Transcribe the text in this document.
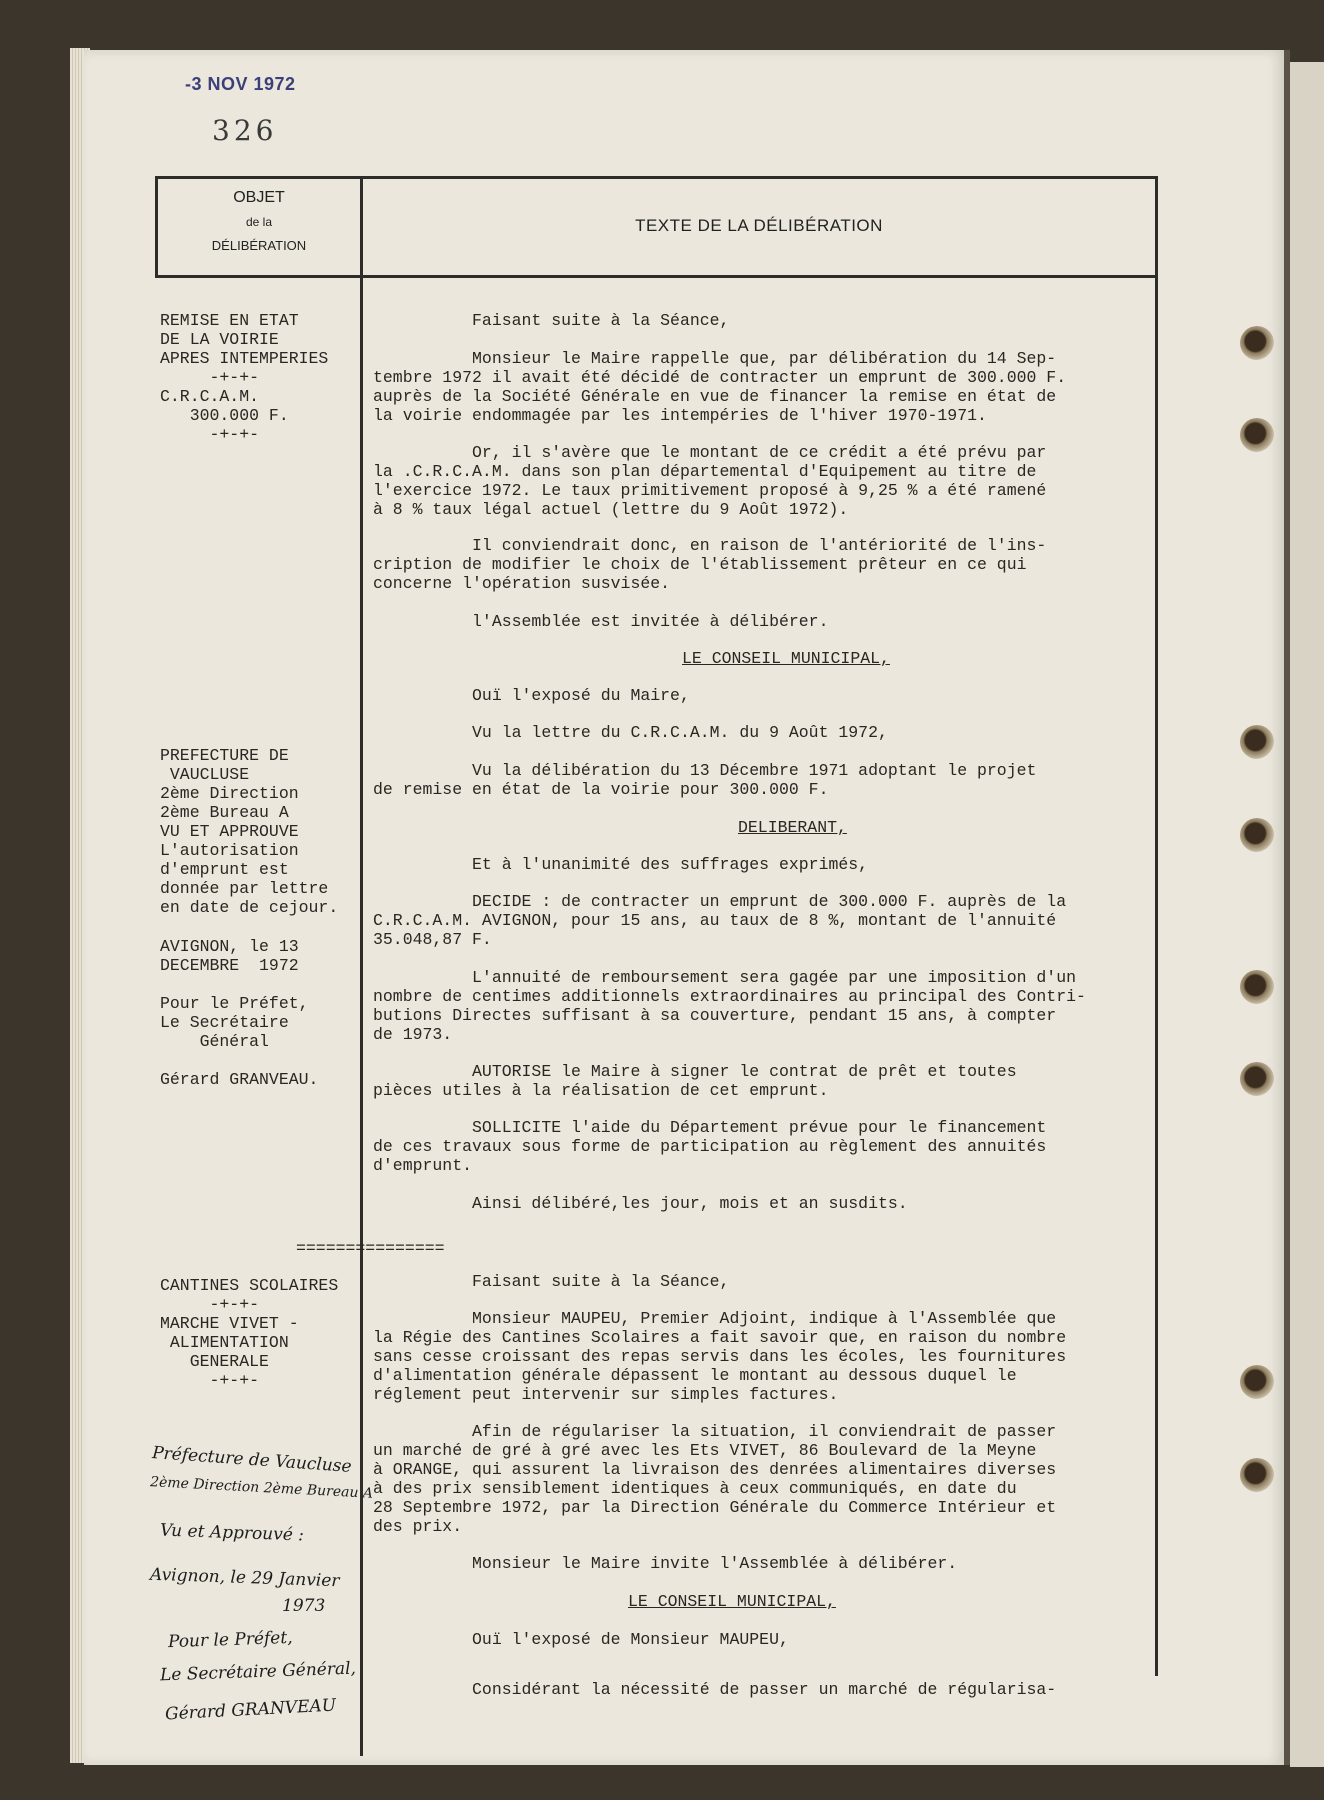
-3 NOV 1972
326
OBJET
de la
DÉLIBÉRATION
TEXTE DE LA DÉLIBÉRATION
REMISE EN ETAT
DE LA VOIRIE
APRES INTEMPERIES
-+-+-
C.R.C.A.M.
300.000 F.
-+-+-
PREFECTURE DE
VAUCLUSE
2ème Direction
2ème Bureau A
VU ET APPROUVE
L'autorisation
d'emprunt est
donnée par lettre
en date de cejour.
AVIGNON, le 13
DECEMBRE  1972
Pour le Préfet,
Le Secrétaire
Général
Gérard GRANVEAU.
===============
CANTINES SCOLAIRES
-+-+-
MARCHE VIVET -
ALIMENTATION
GENERALE
-+-+-
Préfecture de Vaucluse
2ème Direction 2ème Bureau A
Vu et Approuvé :
Avignon, le 29 Janvier
1973
Pour le Préfet,
Le Secrétaire Général,
Gérard GRANVEAU
Faisant suite à la Séance,
Monsieur le Maire rappelle que, par délibération du 14 Sep-
tembre 1972 il avait été décidé de contracter un emprunt de 300.000 F.
auprès de la Société Générale en vue de financer la remise en état de
la voirie endommagée par les intempéries de l'hiver 1970-1971.
Or, il s'avère que le montant de ce crédit a été prévu par
la .C.R.C.A.M. dans son plan départemental d'Equipement au titre de
l'exercice 1972. Le taux primitivement proposé à 9,25 % a été ramené
à 8 % taux légal actuel (lettre du 9 Août 1972).
Il conviendrait donc, en raison de l'antériorité de l'ins-
cription de modifier le choix de l'établissement prêteur en ce qui
concerne l'opération susvisée.
l'Assemblée est invitée à délibérer.
LE CONSEIL MUNICIPAL,
Ouï l'exposé du Maire,
Vu la lettre du C.R.C.A.M. du 9 Août 1972,
Vu la délibération du 13 Décembre 1971 adoptant le projet
de remise en état de la voirie pour 300.000 F.
DELIBERANT,
Et à l'unanimité des suffrages exprimés,
DECIDE : de contracter un emprunt de 300.000 F. auprès de la
C.R.C.A.M. AVIGNON, pour 15 ans, au taux de 8 %, montant de l'annuité
35.048,87 F.
L'annuité de remboursement sera gagée par une imposition d'un
nombre de centimes additionnels extraordinaires au principal des Contri-
butions Directes suffisant à sa couverture, pendant 15 ans, à compter
de 1973.
AUTORISE le Maire à signer le contrat de prêt et toutes
pièces utiles à la réalisation de cet emprunt.
SOLLICITE l'aide du Département prévue pour le financement
de ces travaux sous forme de participation au règlement des annuités
d'emprunt.
Ainsi délibéré,les jour, mois et an susdits.
Faisant suite à la Séance,
Monsieur MAUPEU, Premier Adjoint, indique à l'Assemblée que
la Régie des Cantines Scolaires a fait savoir que, en raison du nombre
sans cesse croissant des repas servis dans les écoles, les fournitures
d'alimentation générale dépassent le montant au dessous duquel le
réglement peut intervenir sur simples factures.
Afin de régulariser la situation, il conviendrait de passer
un marché de gré à gré avec les Ets VIVET, 86 Boulevard de la Meyne
à ORANGE, qui assurent la livraison des denrées alimentaires diverses
à des prix sensiblement identiques à ceux communiqués, en date du
28 Septembre 1972, par la Direction Générale du Commerce Intérieur et
des prix.
Monsieur le Maire invite l'Assemblée à délibérer.
LE CONSEIL MUNICIPAL,
Ouï l'exposé de Monsieur MAUPEU,
Considérant la nécessité de passer un marché de régularisa-
